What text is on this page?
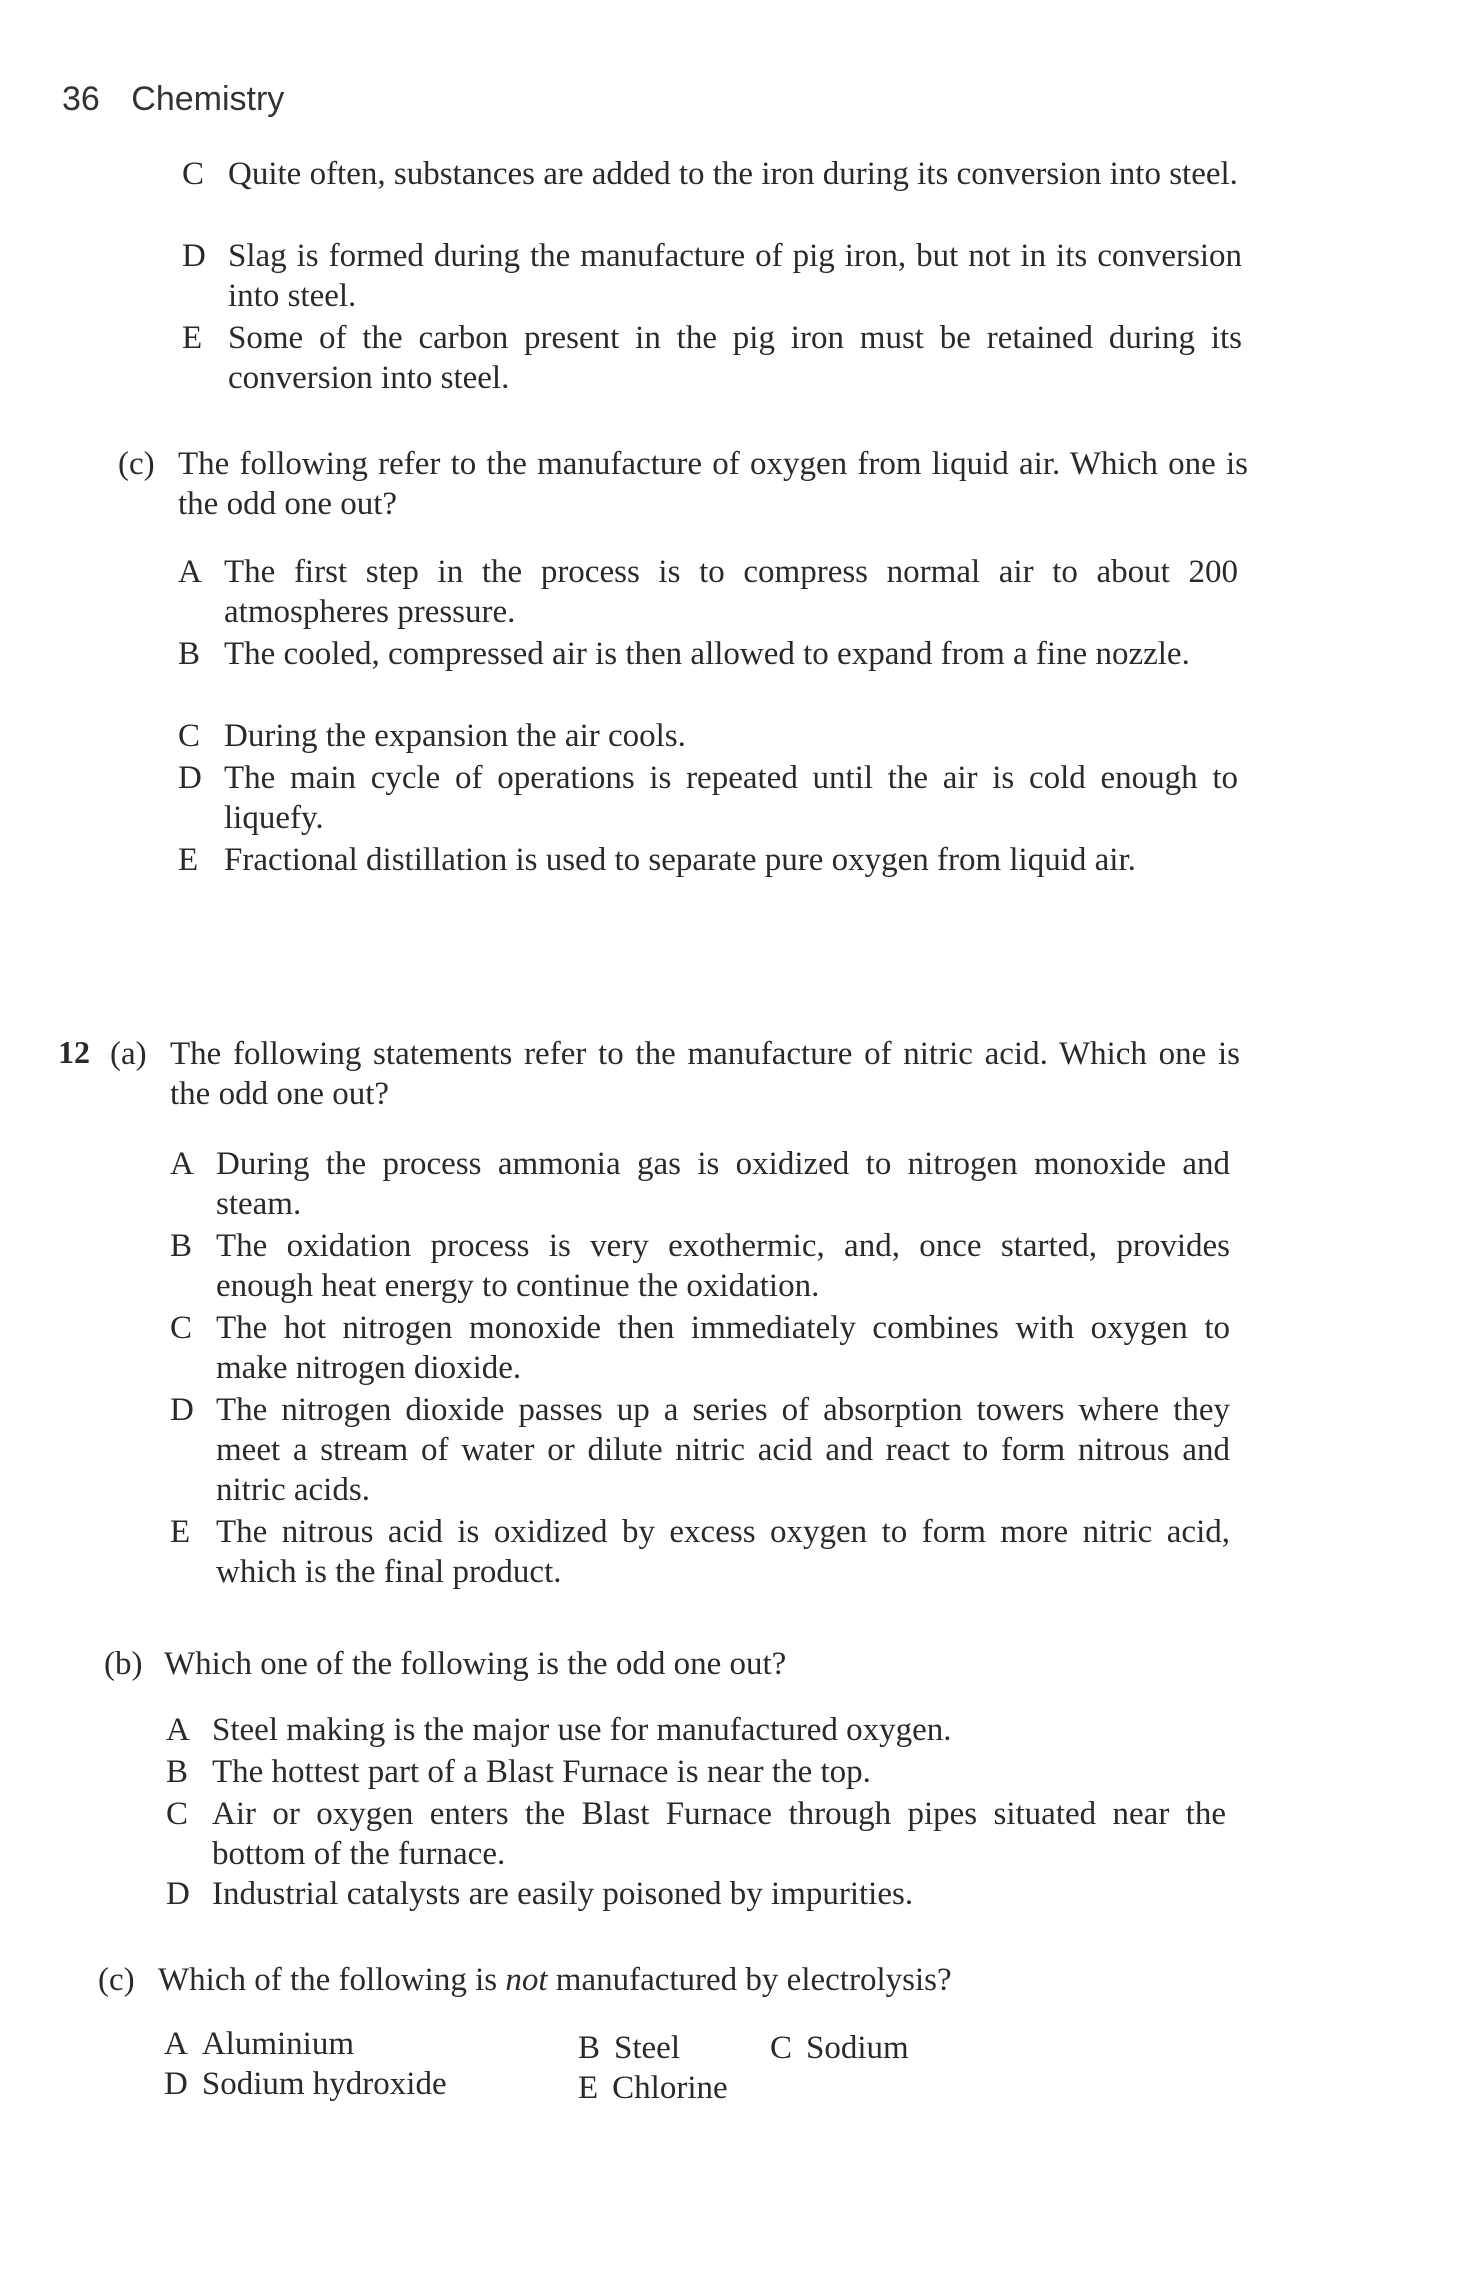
36 Chemistry
C Quite often, substances are added to the iron during its conversion into steel.
D Slag is formed during the manufacture of pig iron, but not in its conversion into steel.
E Some of the carbon present in the pig iron must be retained during its conversion into steel.
(c) The following refer to the manufacture of oxygen from liquid air. Which one is the odd one out?
A The first step in the process is to compress normal air to about 200 atmospheres pressure.
B The cooled, compressed air is then allowed to expand from a fine nozzle.
C During the expansion the air cools.
D The main cycle of operations is repeated until the air is cold enough to liquefy.
E Fractional distillation is used to separate pure oxygen from liquid air.
12 (a) The following statements refer to the manufacture of nitric acid. Which one is the odd one out?
A During the process ammonia gas is oxidized to nitrogen monoxide and steam.
B The oxidation process is very exothermic, and, once started, provides enough heat energy to continue the oxidation.
C The hot nitrogen monoxide then immediately combines with oxygen to make nitrogen dioxide.
D The nitrogen dioxide passes up a series of absorption towers where they meet a stream of water or dilute nitric acid and react to form nitrous and nitric acids.
E The nitrous acid is oxidized by excess oxygen to form more nitric acid, which is the final product.
(b) Which one of the following is the odd one out?
A Steel making is the major use for manufactured oxygen.
B The hottest part of a Blast Furnace is near the top.
C Air or oxygen enters the Blast Furnace through pipes situated near the bottom of the furnace.
D Industrial catalysts are easily poisoned by impurities.
(c) Which of the following is not manufactured by electrolysis?
A Aluminium	B Steel	C Sodium
D Sodium hydroxide	E Chlorine
